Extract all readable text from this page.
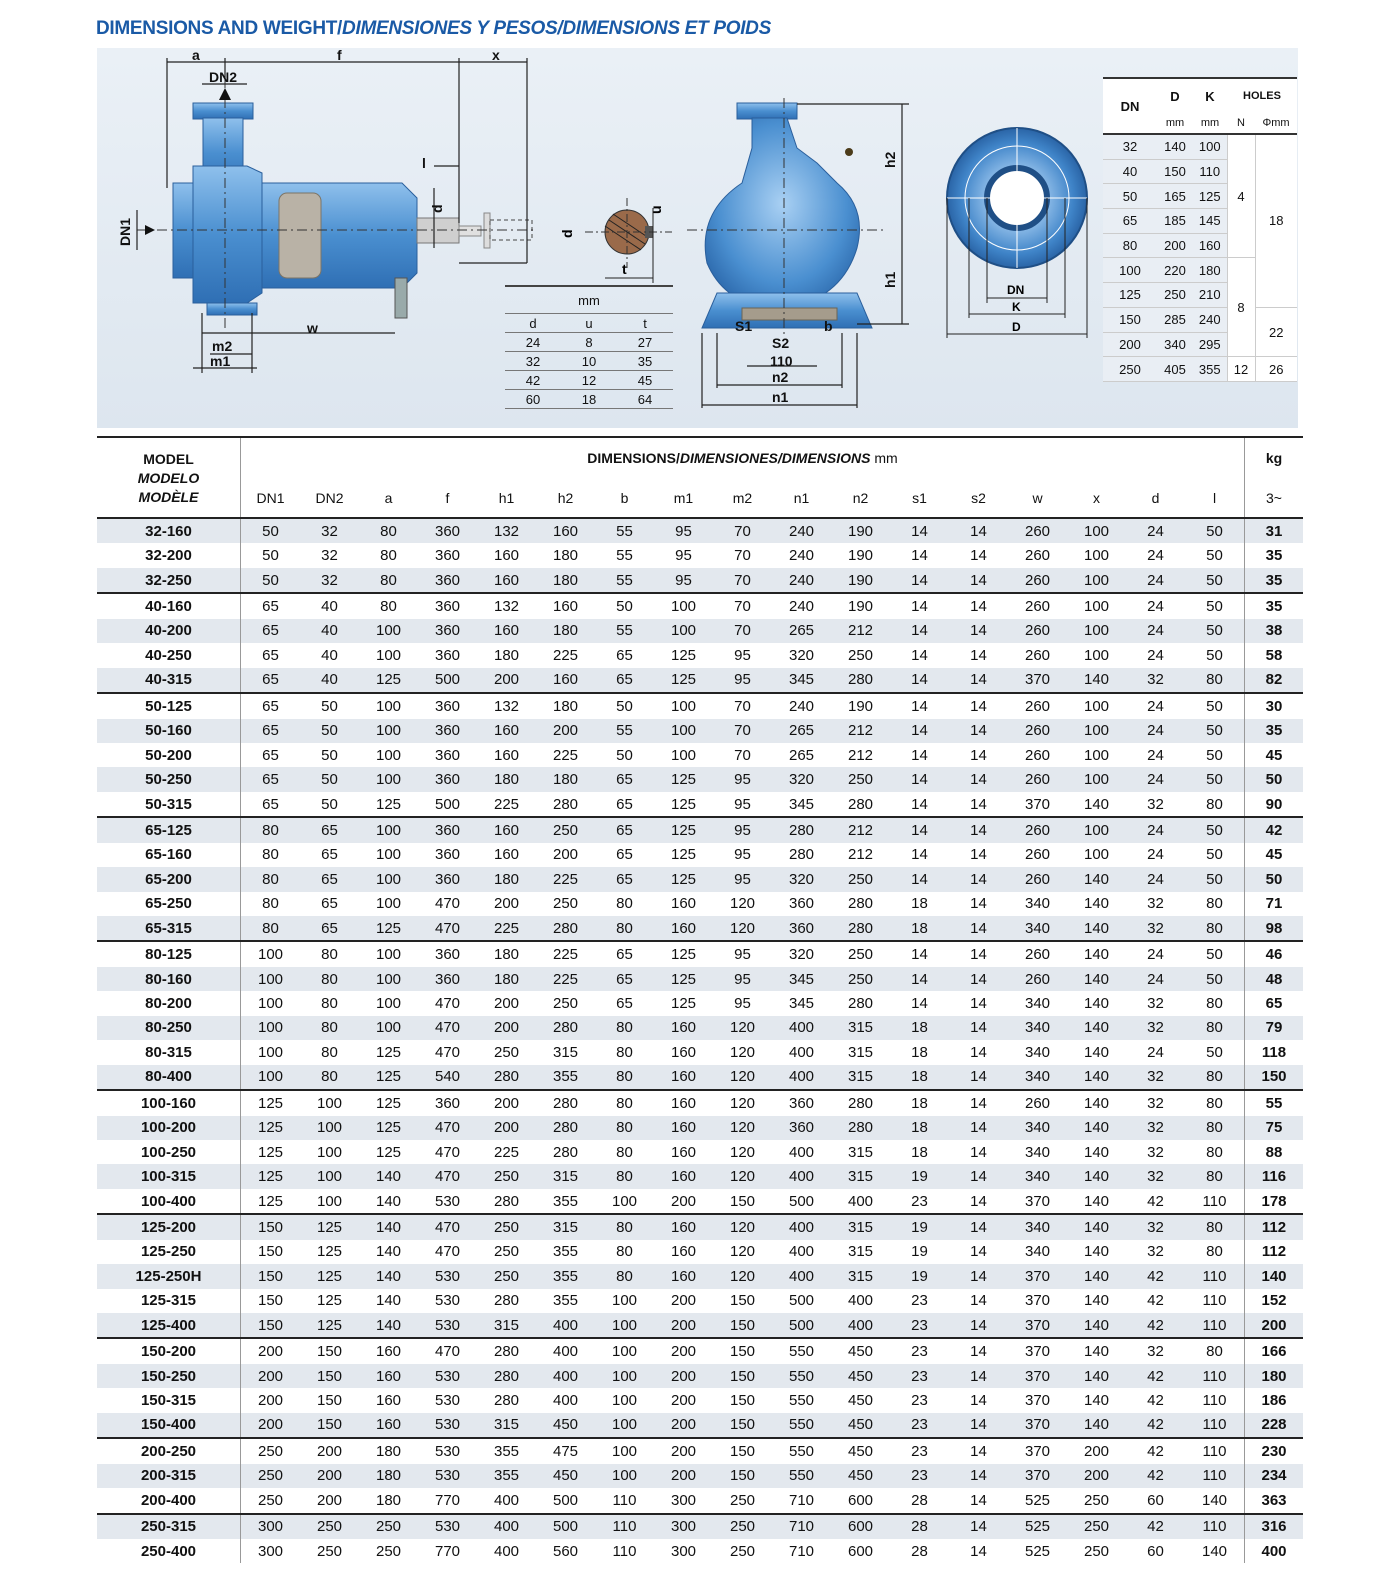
DIMENSIONS AND WEIGHT/DIMENSIONES Y PESOS/DIMENSIONS ET POIDS
a	f	x
DN2
l
w
m2
m1
DN1
d
t
d
u
h2
h1
S1	b
S2
110
n2
n1
DN
K
D
mm		
d	u	t
24	8	27
32	10	35
42	12	45
60	18	64
DN	D	K	HOLES	
	mm	mm	N	Φmm
32	140	100	4	18
40	150	110		
50	165	125		
65	185	145		
80	200	160		
100	220	180	8	
125	250	210		
150	285	240		22
200	340	295		
250	405	355	12	26
MODEL
MODELO
MODÈLE	DIMENSIONS/DIMENSIONES/DIMENSIONS mm																	kg
	DN1	DN2	a	f	h1	h2	b	m1	m2	n1	n2	s1	s2	w	x	d	l	3~
32-160	50	32	80	360	132	160	55	95	70	240	190	14	14	260	100	24	50	31
32-200	50	32	80	360	160	180	55	95	70	240	190	14	14	260	100	24	50	35
32-250	50	32	80	360	160	180	55	95	70	240	190	14	14	260	100	24	50	35
40-160	65	40	80	360	132	160	50	100	70	240	190	14	14	260	100	24	50	35
40-200	65	40	100	360	160	180	55	100	70	265	212	14	14	260	100	24	50	38
40-250	65	40	100	360	180	225	65	125	95	320	250	14	14	260	100	24	50	58
40-315	65	40	125	500	200	160	65	125	95	345	280	14	14	370	140	32	80	82
50-125	65	50	100	360	132	180	50	100	70	240	190	14	14	260	100	24	50	30
50-160	65	50	100	360	160	200	55	100	70	265	212	14	14	260	100	24	50	35
50-200	65	50	100	360	160	225	50	100	70	265	212	14	14	260	100	24	50	45
50-250	65	50	100	360	180	180	65	125	95	320	250	14	14	260	100	24	50	50
50-315	65	50	125	500	225	280	65	125	95	345	280	14	14	370	140	32	80	90
65-125	80	65	100	360	160	250	65	125	95	280	212	14	14	260	100	24	50	42
65-160	80	65	100	360	160	200	65	125	95	280	212	14	14	260	100	24	50	45
65-200	80	65	100	360	180	225	65	125	95	320	250	14	14	260	140	24	50	50
65-250	80	65	100	470	200	250	80	160	120	360	280	18	14	340	140	32	80	71
65-315	80	65	125	470	225	280	80	160	120	360	280	18	14	340	140	32	80	98
80-125	100	80	100	360	180	225	65	125	95	320	250	14	14	260	140	24	50	46
80-160	100	80	100	360	180	225	65	125	95	345	250	14	14	260	140	24	50	48
80-200	100	80	100	470	200	250	65	125	95	345	280	14	14	340	140	32	80	65
80-250	100	80	100	470	200	280	80	160	120	400	315	18	14	340	140	32	80	79
80-315	100	80	125	470	250	315	80	160	120	400	315	18	14	340	140	24	50	118
80-400	100	80	125	540	280	355	80	160	120	400	315	18	14	340	140	32	80	150
100-160	125	100	125	360	200	280	80	160	120	360	280	18	14	260	140	32	80	55
100-200	125	100	125	470	200	280	80	160	120	360	280	18	14	340	140	32	80	75
100-250	125	100	125	470	225	280	80	160	120	400	315	18	14	340	140	32	80	88
100-315	125	100	140	470	250	315	80	160	120	400	315	19	14	340	140	32	80	116
100-400	125	100	140	530	280	355	100	200	150	500	400	23	14	370	140	42	110	178
125-200	150	125	140	470	250	315	80	160	120	400	315	19	14	340	140	32	80	112
125-250	150	125	140	470	250	355	80	160	120	400	315	19	14	340	140	32	80	112
125-250H	150	125	140	530	250	355	80	160	120	400	315	19	14	370	140	42	110	140
125-315	150	125	140	530	280	355	100	200	150	500	400	23	14	370	140	42	110	152
125-400	150	125	140	530	315	400	100	200	150	500	400	23	14	370	140	42	110	200
150-200	200	150	160	470	280	400	100	200	150	550	450	23	14	370	140	32	80	166
150-250	200	150	160	530	280	400	100	200	150	550	450	23	14	370	140	42	110	180
150-315	200	150	160	530	280	400	100	200	150	550	450	23	14	370	140	42	110	186
150-400	200	150	160	530	315	450	100	200	150	550	450	23	14	370	140	42	110	228
200-250	250	200	180	530	355	475	100	200	150	550	450	23	14	370	200	42	110	230
200-315	250	200	180	530	355	450	100	200	150	550	450	23	14	370	200	42	110	234
200-400	250	200	180	770	400	500	110	300	250	710	600	28	14	525	250	60	140	363
250-315	300	250	250	530	400	500	110	300	250	710	600	28	14	525	250	42	110	316
250-400	300	250	250	770	400	560	110	300	250	710	600	28	14	525	250	60	140	400
